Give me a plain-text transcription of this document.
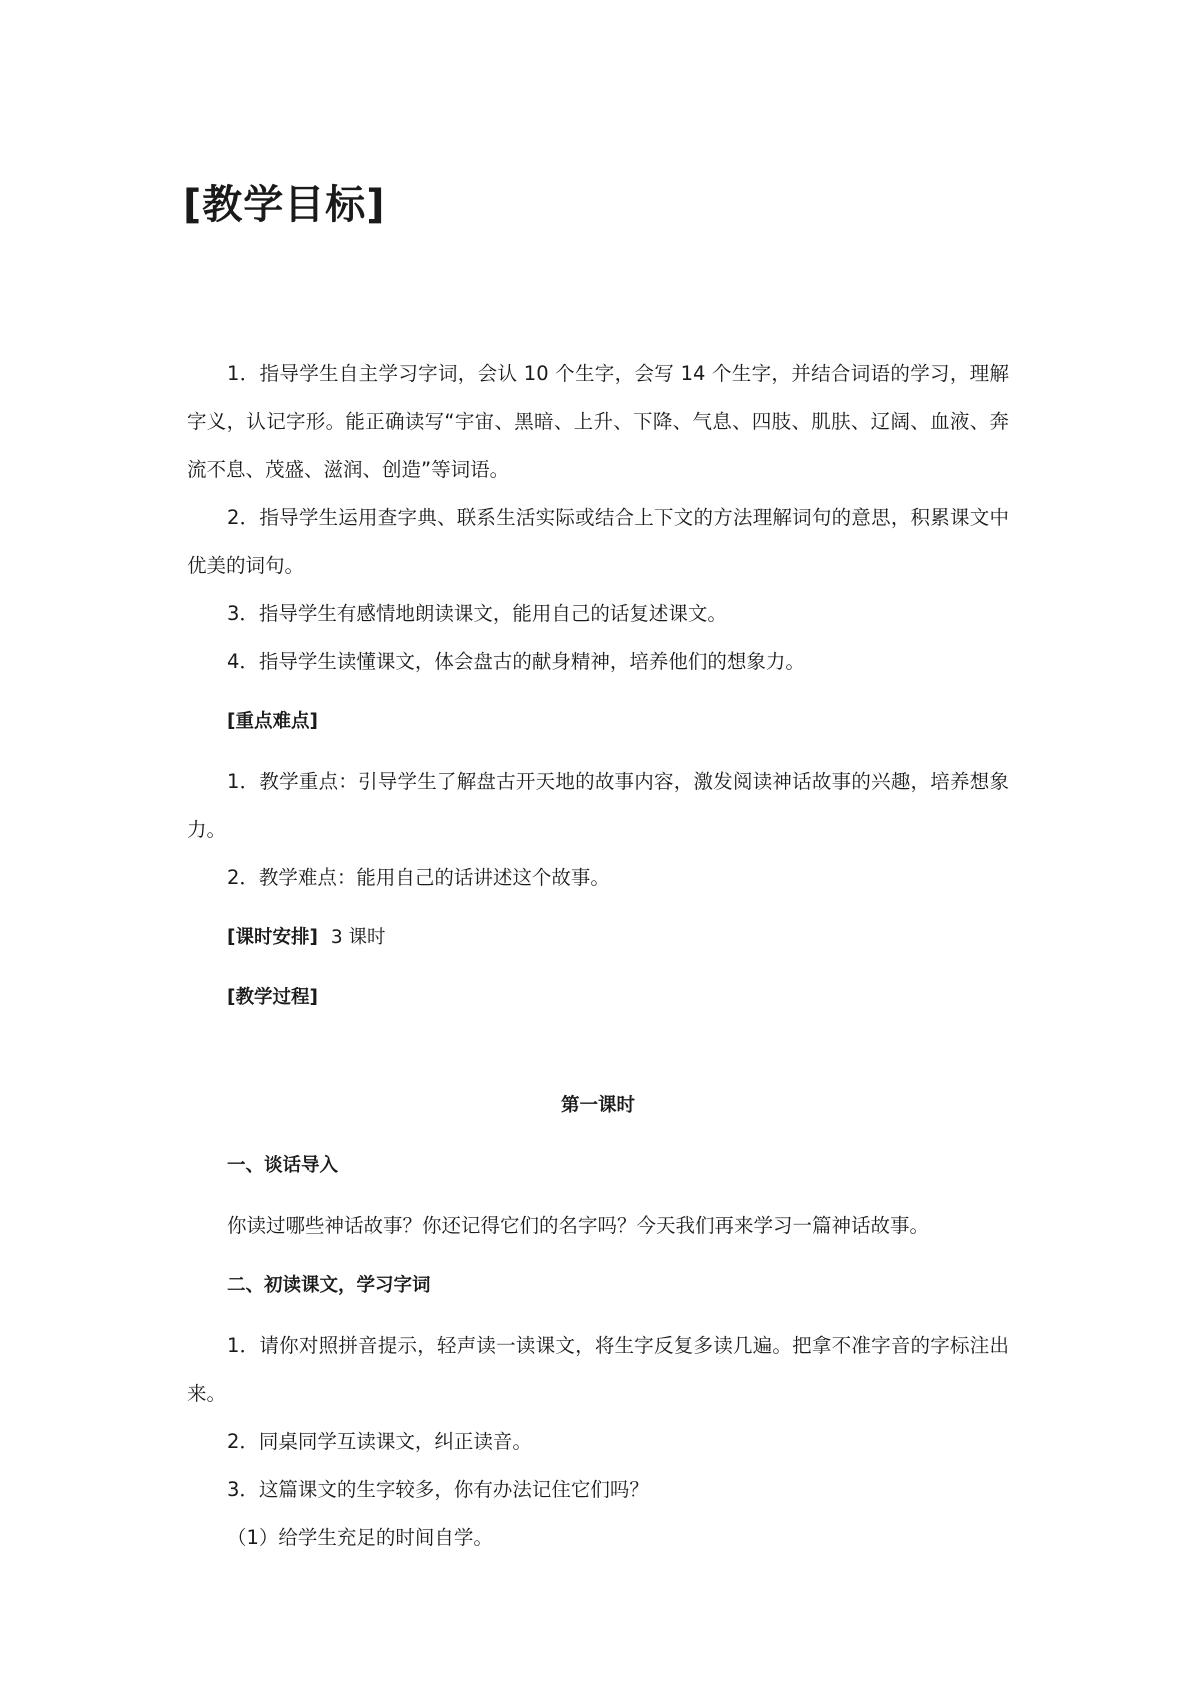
[教学目标]

1．指导学生自主学习字词，会认 10 个生字，会写 14 个生字，并结合词语的学习，理解字义，认记字形。能正确读写“宇宙、黑暗、上升、下降、气息、四肢、肌肤、辽阔、血液、奔流不息、茂盛、滋润、创造”等词语。

2．指导学生运用查字典、联系生活实际或结合上下文的方法理解词句的意思，积累课文中优美的词句。

3．指导学生有感情地朗读课文，能用自己的话复述课文。

4．指导学生读懂课文，体会盘古的献身精神，培养他们的想象力。

[重点难点]

1．教学重点：引导学生了解盘古开天地的故事内容，激发阅读神话故事的兴趣，培养想象力。

2．教学难点：能用自己的话讲述这个故事。

[课时安排] 3 课时

[教学过程]

第一课时

一、谈话导入

你读过哪些神话故事？你还记得它们的名字吗？今天我们再来学习一篇神话故事。

二、初读课文，学习字词

1．请你对照拼音提示，轻声读一读课文，将生字反复多读几遍。把拿不准字音的字标注出来。

2．同桌同学互读课文，纠正读音。

3．这篇课文的生字较多，你有办法记住它们吗？

（1）给学生充足的时间自学。
